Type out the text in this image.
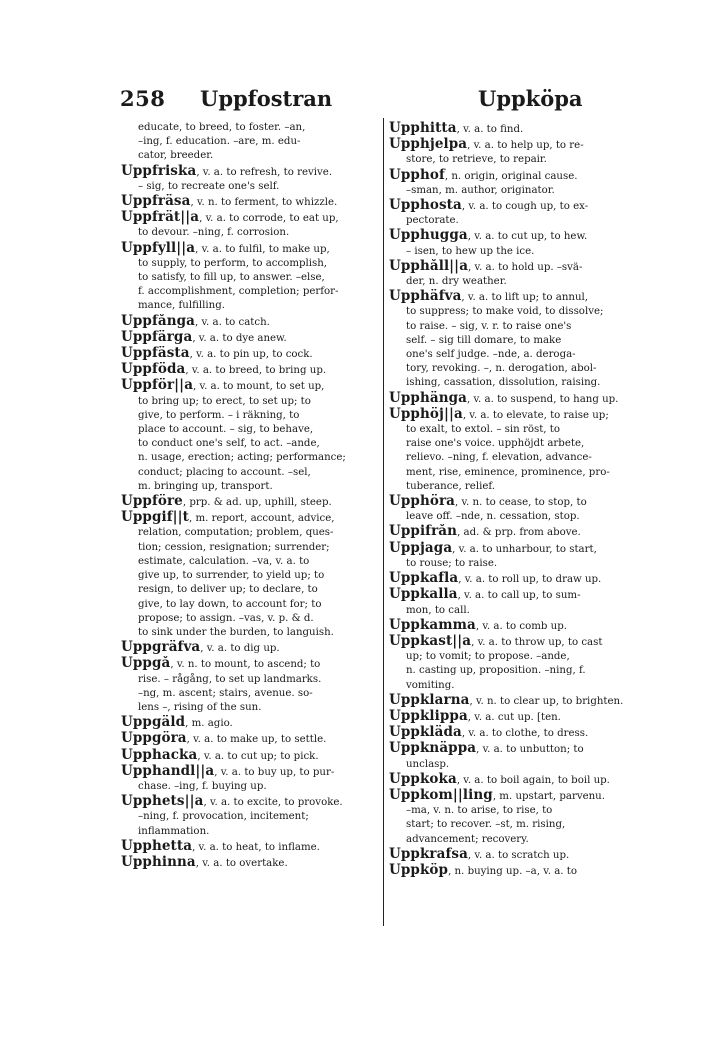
258 Uppfostran	Uppköpa
educate, to breed, to foster. –an,
–ing, f. education. –are, m. edu-
cator, breeder.
Uppfriska, v. a. to refresh, to revive.
– sig, to recreate one's self.
Uppfräsa, v. n. to ferment, to whizzle.
Uppfrät||a, v. a. to corrode, to eat up,
to devour. –ning, f. corrosion.
Uppfyll||a, v. a. to fulfil, to make up,
to supply, to perform, to accomplish,
to satisfy, to fill up, to answer. –else,
f. accomplishment, completion; perfor-
mance, fulfilling.
Uppfånga, v. a. to catch.
Uppfärga, v. a. to dye anew.
Uppfästa, v. a. to pin up, to cock.
Uppföda, v. a. to breed, to bring up.
Uppför||a, v. a. to mount, to set up,
to bring up; to erect, to set up; to
give, to perform. – i räkning, to
place to account. – sig, to behave,
to conduct one's self, to act. –ande,
n. usage, erection; acting; performance;
conduct; placing to account. –sel,
m. bringing up, transport.
Uppföre, prp. & ad. up, uphill, steep.
Uppgif||t, m. report, account, advice,
relation, computation; problem, ques-
tion; cession, resignation; surrender;
estimate, calculation. –va, v. a. to
give up, to surrender, to yield up; to
resign, to deliver up; to declare, to
give, to lay down, to account for; to
propose; to assign. –vas, v. p. & d.
to sink under the burden, to languish.
Uppgräfva, v. a. to dig up.
Uppgå, v. n. to mount, to ascend; to
rise. – rågång, to set up landmarks.
–ng, m. ascent; stairs, avenue. so-
lens –, rising of the sun.
Uppgäld, m. agio.
Uppgöra, v. a. to make up, to settle.
Upphacka, v. a. to cut up; to pick.
Upphandl||a, v. a. to buy up, to pur-
chase. –ing, f. buying up.
Upphets||a, v. a. to excite, to provoke.
–ning, f. provocation, incitement;
inflammation.
Upphetta, v. a. to heat, to inflame.
Upphinna, v. a. to overtake.
Upphitta, v. a. to find.
Upphjelpa, v. a. to help up, to re-
store, to retrieve, to repair.
Upphof, n. origin, original cause.
–sman, m. author, originator.
Upphosta, v. a. to cough up, to ex-
pectorate.
Upphugga, v. a. to cut up, to hew.
– isen, to hew up the ice.
Upphåll||a, v. a. to hold up. –svä-
der, n. dry weather.
Upphäfva, v. a. to lift up; to annul,
to suppress; to make void, to dissolve;
to raise. – sig, v. r. to raise one's
self. – sig till domare, to make
one's self judge. –nde, a. deroga-
tory, revoking. –, n. derogation, abol-
ishing, cassation, dissolution, raising.
Upphänga, v. a. to suspend, to hang up.
Upphöj||a, v. a. to elevate, to raise up;
to exalt, to extol. – sin röst, to
raise one's voice. upphöjdt arbete,
relievo. –ning, f. elevation, advance-
ment, rise, eminence, prominence, pro-
tuberance, relief.
Upphöra, v. n. to cease, to stop, to
leave off. –nde, n. cessation, stop.
Uppifrån, ad. & prp. from above.
Uppjaga, v. a. to unharbour, to start,
to rouse; to raise.
Uppkafla, v. a. to roll up, to draw up.
Uppkalla, v. a. to call up, to sum-
mon, to call.
Uppkamma, v. a. to comb up.
Uppkast||a, v. a. to throw up, to cast
up; to vomit; to propose. –ande,
n. casting up, proposition. –ning, f.
vomiting.
Uppklarna, v. n. to clear up, to brighten.
Uppklippa, v. a. cut up. [ten.
Uppkläda, v. a. to clothe, to dress.
Uppknäppa, v. a. to unbutton; to
unclasp.
Uppkoka, v. a. to boil again, to boil up.
Uppkom||ling, m. upstart, parvenu.
–ma, v. n. to arise, to rise, to
start; to recover. –st, m. rising,
advancement; recovery.
Uppkrafsa, v. a. to scratch up.
Uppköp, n. buying up. –a, v. a. to
